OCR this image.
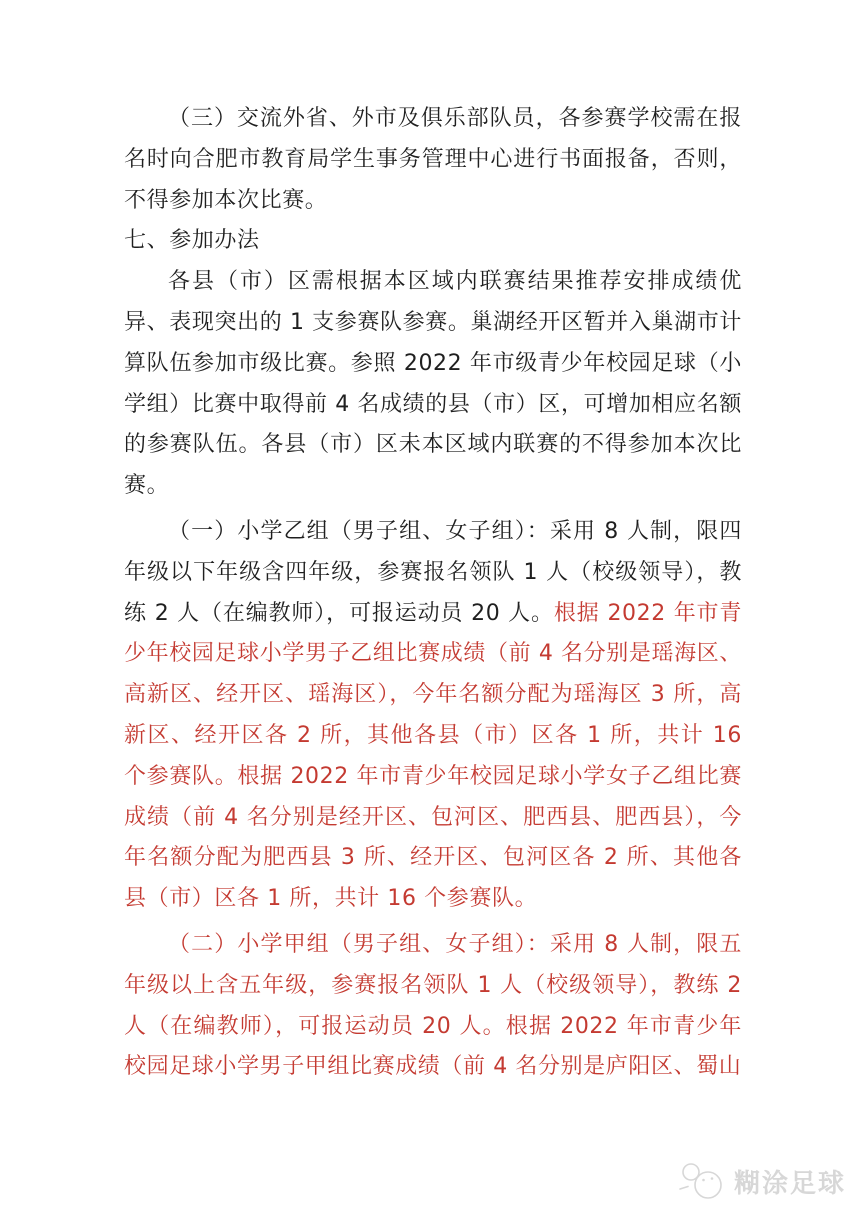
（三）交流外省、外市及俱乐部队员，各参赛学校需在报名时向合肥市教育局学生事务管理中心进行书面报备，否则，不得参加本次比赛。

七、参加办法

各县（市）区需根据本区域内联赛结果推荐安排成绩优异、表现突出的 1 支参赛队参赛。巢湖经开区暂并入巢湖市计算队伍参加市级比赛。参照 2022 年市级青少年校园足球（小学组）比赛中取得前 4 名成绩的县（市）区，可增加相应名额的参赛队伍。各县（市）区未本区域内联赛的不得参加本次比赛。

（一）小学乙组（男子组、女子组）：采用 8 人制，限四年级以下年级含四年级，参赛报名领队 1 人（校级领导），教练 2 人（在编教师），可报运动员 20 人。根据 2022 年市青少年校园足球小学男子乙组比赛成绩（前 4 名分别是瑶海区、高新区、经开区、瑶海区），今年名额分配为瑶海区 3 所，高新区、经开区各 2 所，其他各县（市）区各 1 所，共计 16 个参赛队。根据 2022 年市青少年校园足球小学女子乙组比赛成绩（前 4 名分别是经开区、包河区、肥西县、肥西县），今年名额分配为肥西县 3 所、经开区、包河区各 2 所、其他各县（市）区各 1 所，共计 16 个参赛队。

（二）小学甲组（男子组、女子组）：采用 8 人制，限五年级以上含五年级，参赛报名领队 1 人（校级领导），教练 2 人（在编教师），可报运动员 20 人。根据 2022 年市青少年校园足球小学男子甲组比赛成绩（前 4 名分别是庐阳区、蜀山

糊涂足球
